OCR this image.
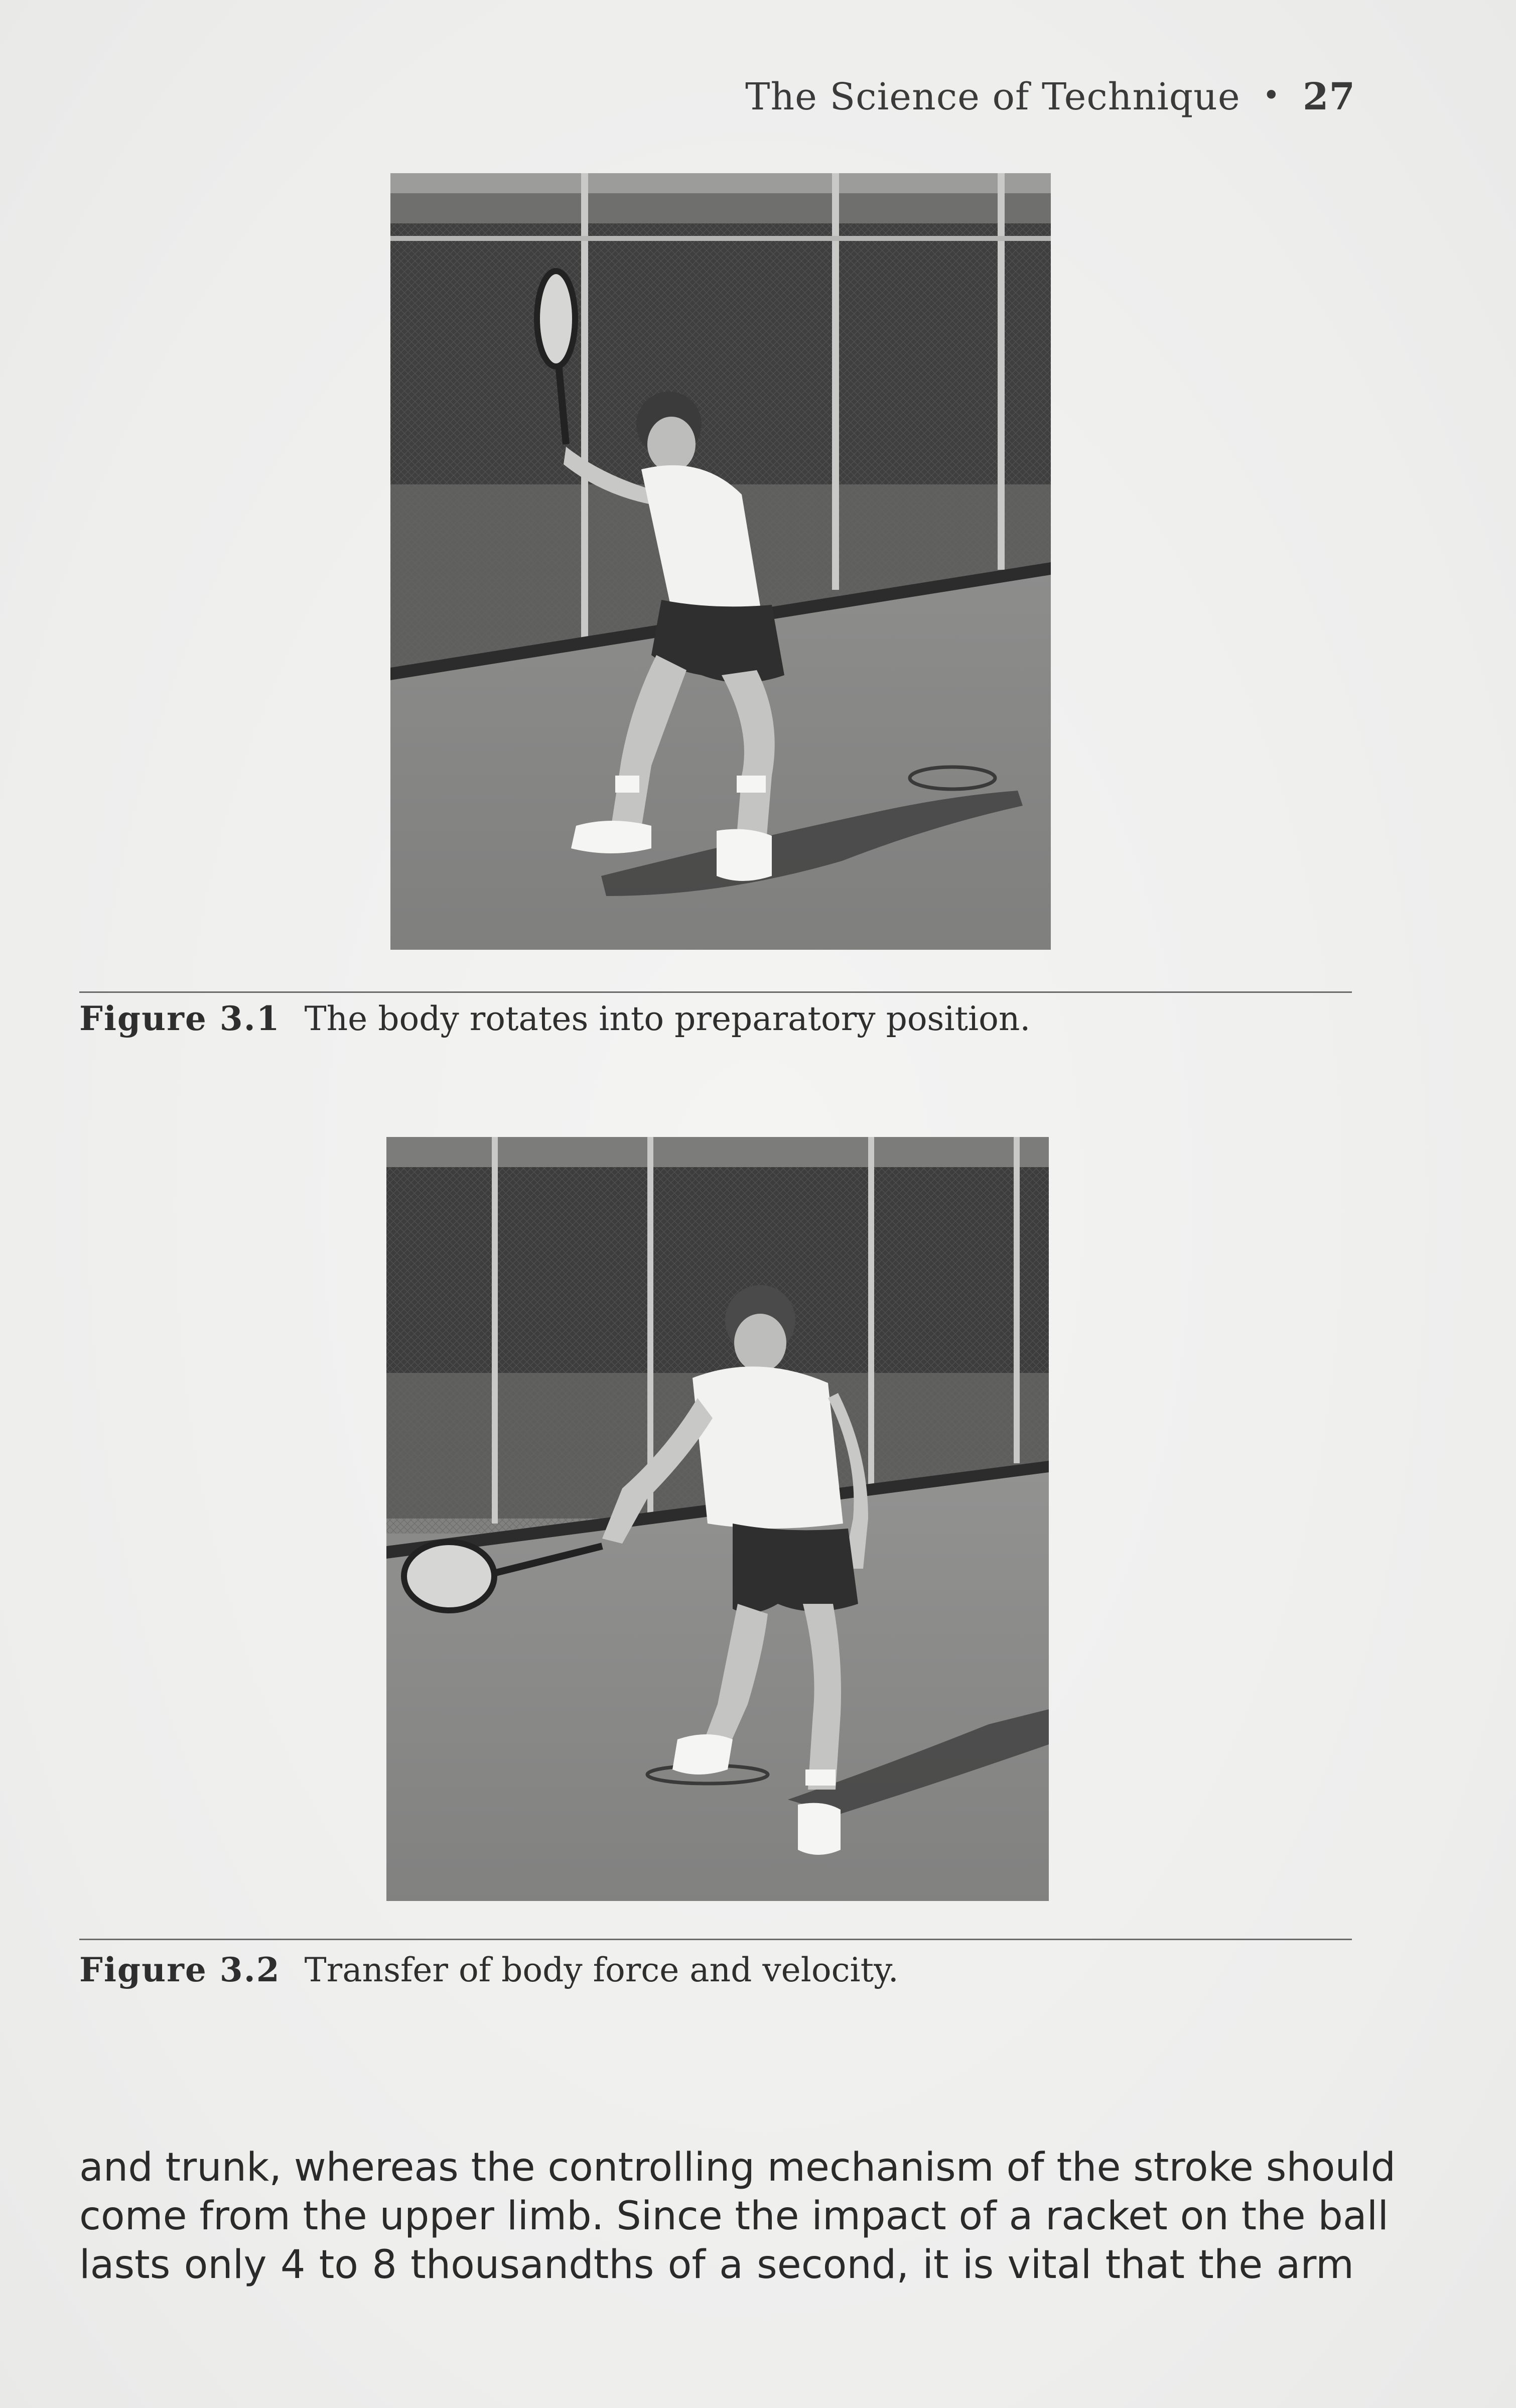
The Science of Technique • 27
Figure 3.1 The body rotates into preparatory position.
Figure 3.2 Transfer of body force and velocity.
and trunk, whereas the controlling mechanism of the stroke should
come from the upper limb. Since the impact of a racket on the ball
lasts only 4 to 8 thousandths of a second, it is vital that the arm
